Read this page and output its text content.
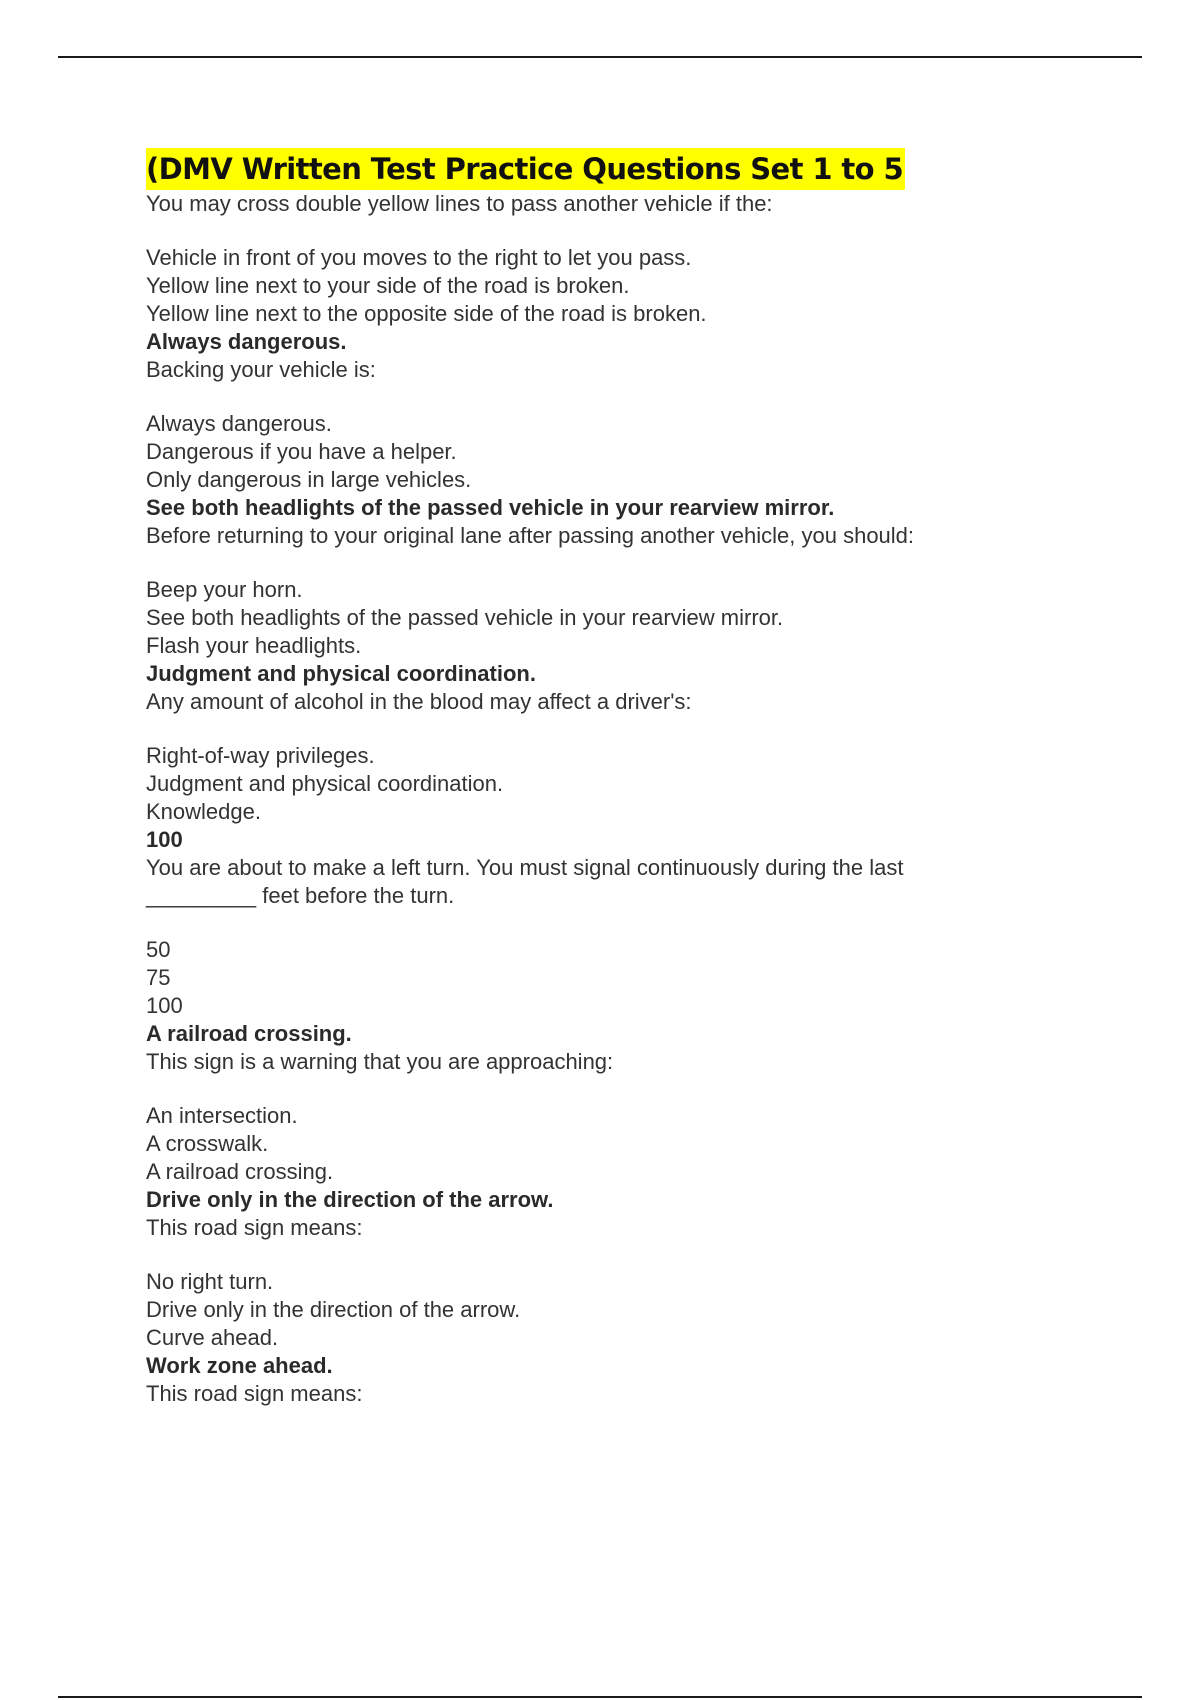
(DMV Written Test Practice Questions Set 1 to 5

You may cross double yellow lines to pass another vehicle if the:

Vehicle in front of you moves to the right to let you pass.

Yellow line next to your side of the road is broken.

Yellow line next to the opposite side of the road is broken.

Always dangerous.

Backing your vehicle is:

Always dangerous.

Dangerous if you have a helper.

Only dangerous in large vehicles.

See both headlights of the passed vehicle in your rearview mirror.

Before returning to your original lane after passing another vehicle, you should:

Beep your horn.

See both headlights of the passed vehicle in your rearview mirror.

Flash your headlights.

Judgment and physical coordination.

Any amount of alcohol in the blood may affect a driver's:

Right-of-way privileges.

Judgment and physical coordination.

Knowledge.

100

You are about to make a left turn. You must signal continuously during the last

_________ feet before the turn.

50

75

100

A railroad crossing.

This sign is a warning that you are approaching:

An intersection.

A crosswalk.

A railroad crossing.

Drive only in the direction of the arrow.

This road sign means:

No right turn.

Drive only in the direction of the arrow.

Curve ahead.

Work zone ahead.

This road sign means:
